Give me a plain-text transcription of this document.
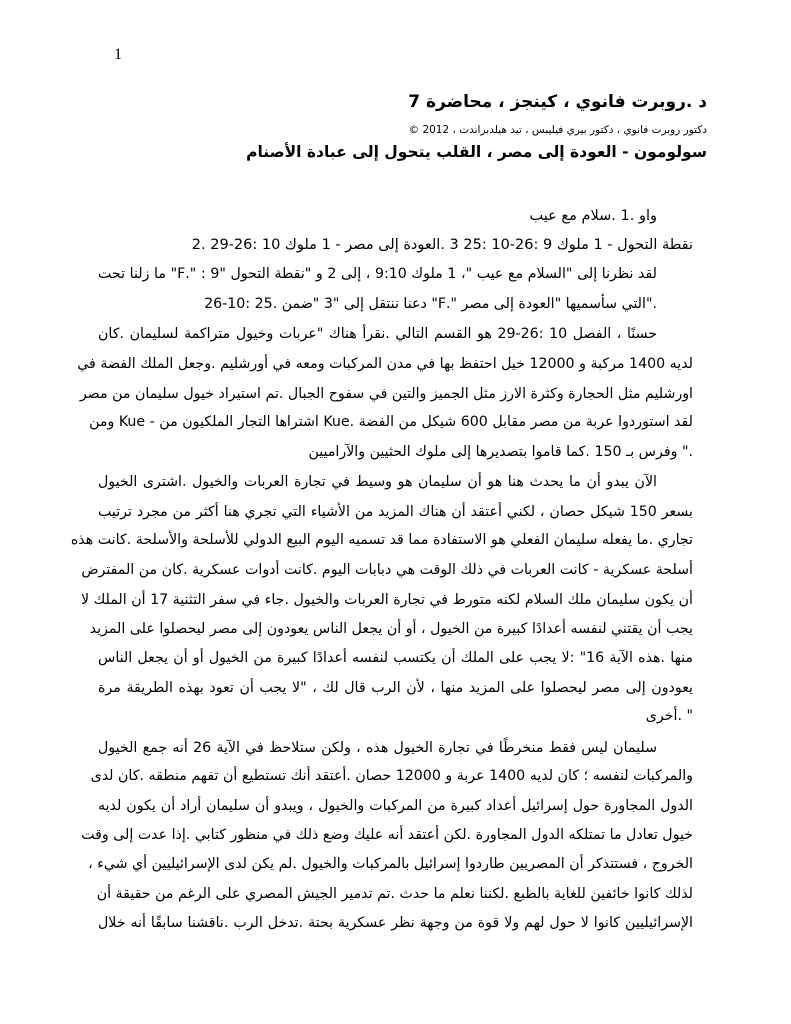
1
د .روبرت فانوي ، كينجز ، محاضرة 7
دكتور روبرت فانوي ، دكتور بيري فيليبس ، تيد هيلدبراندت ، 2012 ©
سولومون - العودة إلى مصر ، القلب يتحول إلى عبادة الأصنام
واو .1 .سلام مع عيب
نقطة التحول - 1 ملوك 9 :26-10 :25 3 .العودة إلى مصر - 1 ملوك 10 :26-29 .2
لقد نظرنا إلى "السلام مع عيب "، 1 ملوك 9:10 ، إلى 2 و "نقطة التحول "9 : ".F" ما زلنا تحت
."التي سأسميها "العودة إلى مصر ".F" دعنا ننتقل إلى "3 "ضمن .25 :10-26
حسنًا ، الفصل 10 :26-29 هو القسم التالي .نقرأ هناك "عربات وخيول متراكمة لسليمان .كان
لديه 1400 مركبة و 12000 خيل احتفظ بها في مدن المركبات ومعه في أورشليم .وجعل الملك الفضة في
اورشليم مثل الحجارة وكثرة الارز مثل الجميز والتين في سفوح الجبال .تم استيراد خيول سليمان من مصر
لقد استوردوا عربة من مصر مقابل 600 شيكل من الفضة .Kue اشتراها التجار الملكيون من - Kue ومن
." وفرس بـ 150 .كما قاموا بتصديرها إلى ملوك الحثيين والآراميين
الآن يبدو أن ما يحدث هنا هو أن سليمان هو وسيط في تجارة العربات والخيول .اشترى الخيول
بسعر 150 شيكل حصان ، لكني أعتقد أن هناك المزيد من الأشياء التي تجري هنا أكثر من مجرد ترتيب
تجاري .ما يفعله سليمان الفعلي هو الاستفادة مما قد تسميه اليوم البيع الدولي للأسلحة والأسلحة .كانت هذه
أسلحة عسكرية - كانت العربات في ذلك الوقت هي دبابات اليوم .كانت أدوات عسكرية .كان من المفترض
أن يكون سليمان ملك السلام لكنه متورط في تجارة العربات والخيول .جاء في سفر التثنية 17 أن الملك لا
يجب أن يقتني لنفسه أعدادًا كبيرة من الخيول ، أو أن يجعل الناس يعودون إلى مصر ليحصلوا على المزيد
منها .هذه الآية 16" :لا يجب على الملك أن يكتسب لنفسه أعدادًا كبيرة من الخيول أو أن يجعل الناس
يعودون إلى مصر ليحصلوا على المزيد منها ، لأن الرب قال لك ، "لا يجب أن تعود بهذه الطريقة مرة
" .أخرى
سليمان ليس فقط منخرطًا في تجارة الخيول هذه ، ولكن ستلاحظ في الآية 26 أنه جمع الخيول
والمركبات لنفسه ؛ كان لديه 1400 عربة و 12000 حصان .أعتقد أنك تستطيع أن تفهم منطقه .كان لدى
الدول المجاورة حول إسرائيل أعداد كبيرة من المركبات والخيول ، ويبدو أن سليمان أراد أن يكون لديه
خيول تعادل ما تمتلكه الدول المجاورة .لكن أعتقد أنه عليك وضع ذلك في منظور كتابي .إذا عدت إلى وقت
الخروج ، فستتذكر أن المصريين طاردوا إسرائيل بالمركبات والخيول .لم يكن لدى الإسرائيليين أي شيء ،
لذلك كانوا خائفين للغاية بالطبع .لكننا نعلم ما حدث .تم تدمير الجيش المصري على الرغم من حقيقة أن
الإسرائيليين كانوا لا حول لهم ولا قوة من وجهة نظر عسكرية بحتة .تدخل الرب .ناقشنا سابقًا أنه خلال
